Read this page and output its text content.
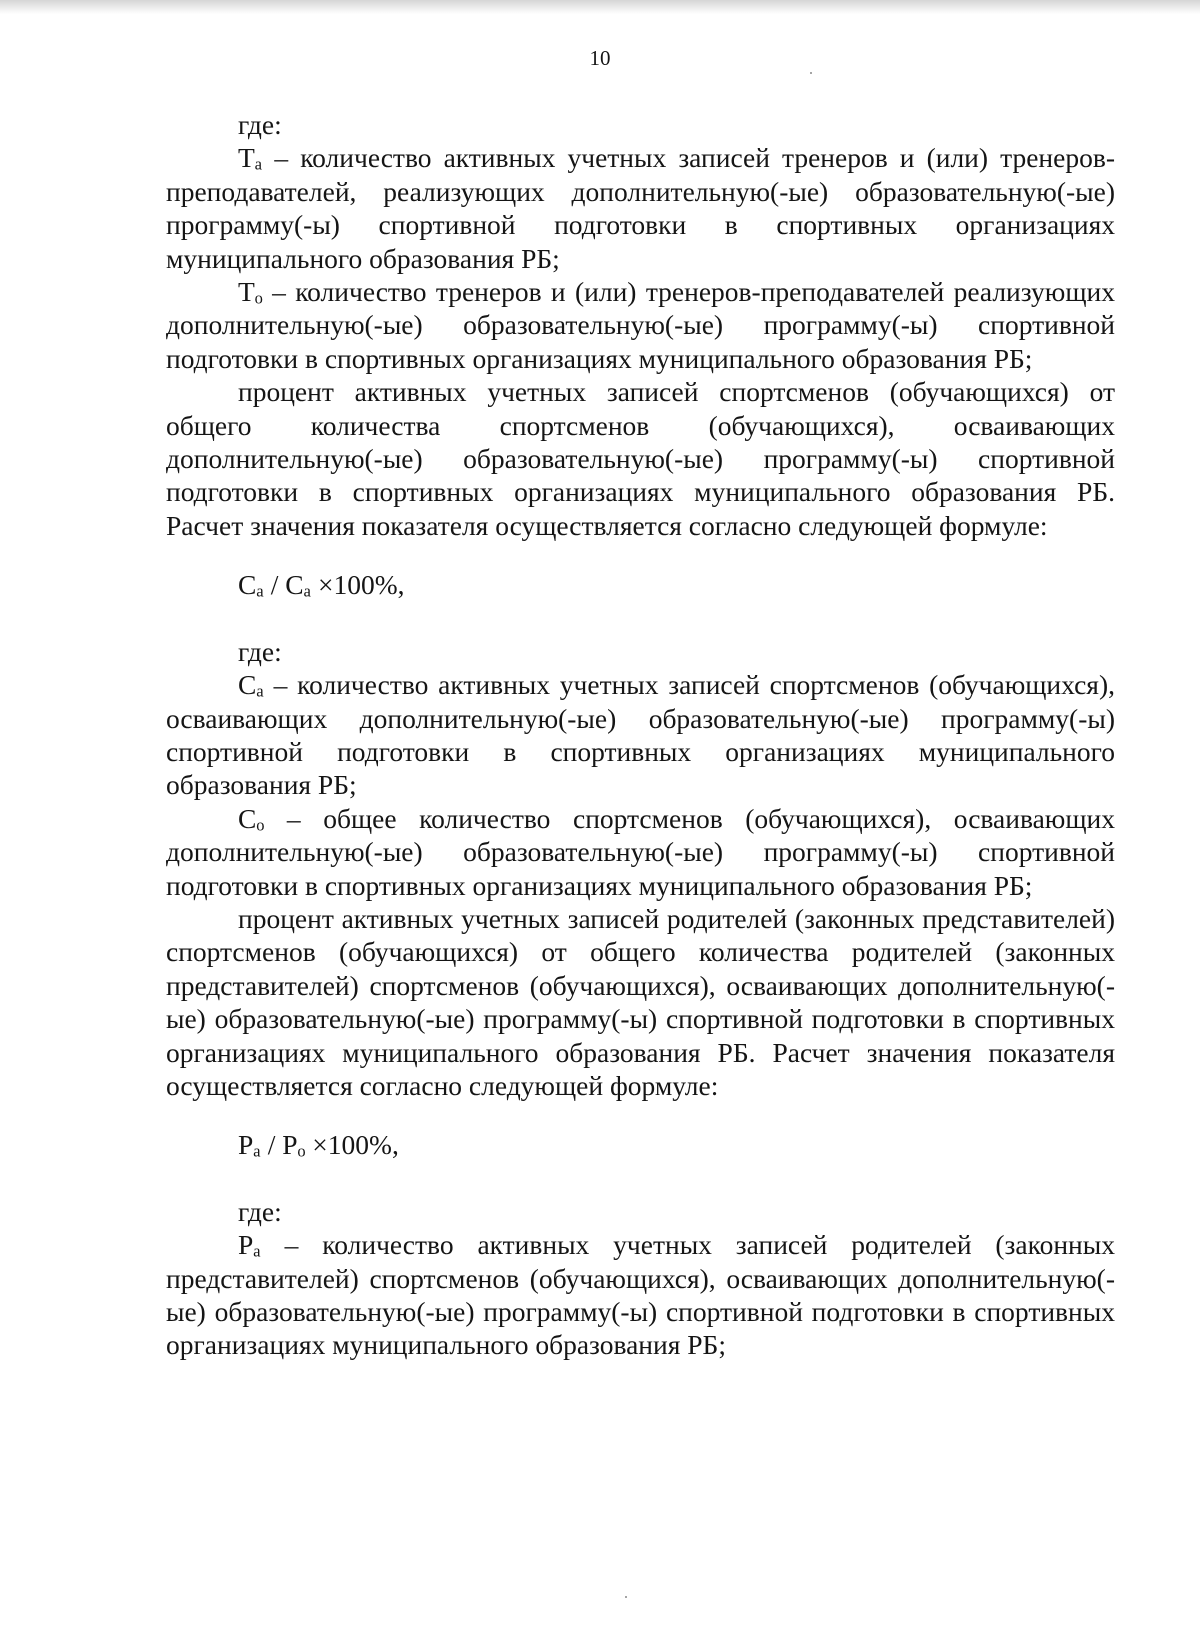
10

где:

Tₐ – количество активных учетных записей тренеров и (или) тренеров-преподавателей, реализующих дополнительную(-ые) образовательную(-ые) программу(-ы) спортивной подготовки в спортивных организациях муниципального образования РБ;

Tₒ – количество тренеров и (или) тренеров-преподавателей реализующих дополнительную(-ые) образовательную(-ые) программу(-ы) спортивной подготовки в спортивных организациях муниципального образования РБ;

процент активных учетных записей спортсменов (обучающихся) от общего количества спортсменов (обучающихся), осваивающих дополнительную(-ые) образовательную(-ые) программу(-ы) спортивной подготовки в спортивных организациях муниципального образования РБ. Расчет значения показателя осуществляется согласно следующей формуле:

Сₐ / Сₐ ×100%,

где:

Сₐ – количество активных учетных записей спортсменов (обучающихся), осваивающих дополнительную(-ые) образовательную(-ые) программу(-ы) спортивной подготовки в спортивных организациях муниципального образования РБ;

Сₒ – общее количество спортсменов (обучающихся), осваивающих дополнительную(-ые) образовательную(-ые) программу(-ы) спортивной подготовки в спортивных организациях муниципального образования РБ;

процент активных учетных записей родителей (законных представителей) спортсменов (обучающихся) от общего количества родителей (законных представителей) спортсменов (обучающихся), осваивающих дополнительную(-ые) образовательную(-ые) программу(-ы) спортивной подготовки в спортивных организациях муниципального образования РБ. Расчет значения показателя осуществляется согласно следующей формуле:

Рₐ / Рₒ ×100%,

где:

Рₐ – количество активных учетных записей родителей (законных представителей) спортсменов (обучающихся), осваивающих дополнительную(-ые) образовательную(-ые) программу(-ы) спортивной подготовки в спортивных организациях муниципального образования РБ;
